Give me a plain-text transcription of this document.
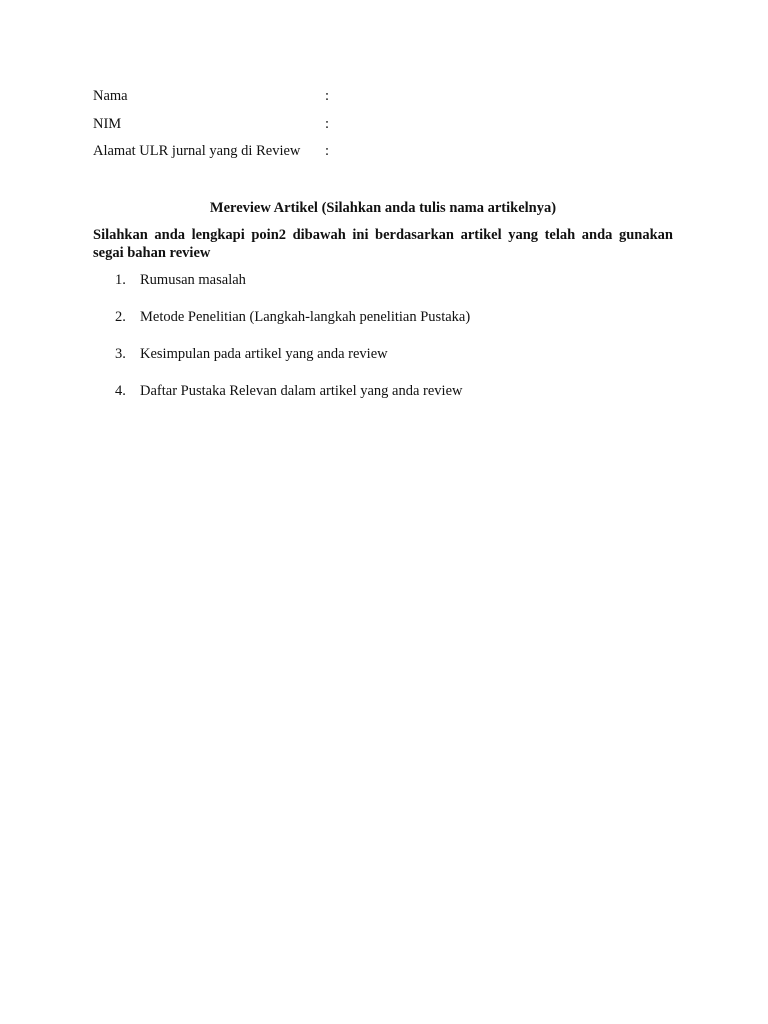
Nama	:
NIM	:
Alamat ULR jurnal yang di Review :
Mereview Artikel (Silahkan anda tulis nama artikelnya)
Silahkan anda lengkapi poin2 dibawah ini berdasarkan artikel yang telah anda gunakan segai bahan review
1. Rumusan masalah
2. Metode Penelitian (Langkah-langkah penelitian Pustaka)
3. Kesimpulan pada artikel yang anda review
4. Daftar Pustaka Relevan dalam artikel yang anda review
